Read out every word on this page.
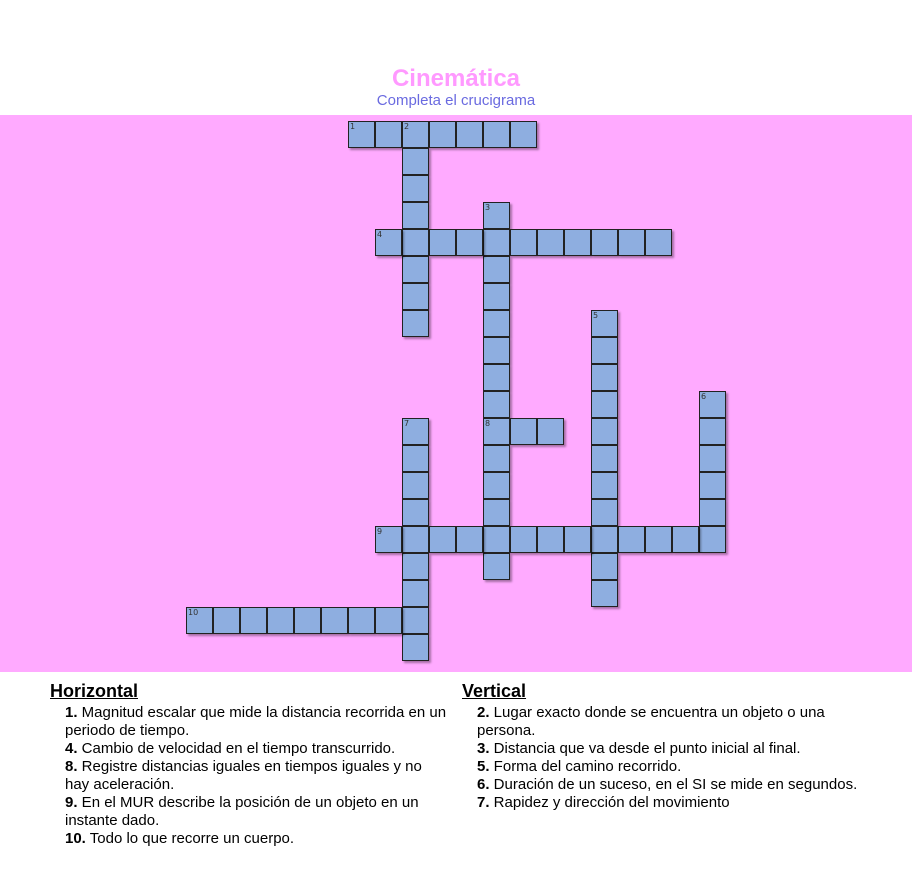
Cinemática
Completa el crucigrama
1	2
3
8
4
5
6
7
9
10
Horizontal
1. Magnitud escalar que mide la distancia recorrida en un periodo de tiempo.
4. Cambio de velocidad en el tiempo transcurrido.
8. Registre distancias iguales en tiempos iguales y no hay aceleración.
9. En el MUR describe la posición de un objeto en un instante dado.
10. Todo lo que recorre un cuerpo.
Vertical
2. Lugar exacto donde se encuentra un objeto o una persona.
3. Distancia que va desde el punto inicial al final.
5. Forma del camino recorrido.
6. Duración de un suceso, en el SI se mide en segundos.
7. Rapidez y dirección del movimiento
